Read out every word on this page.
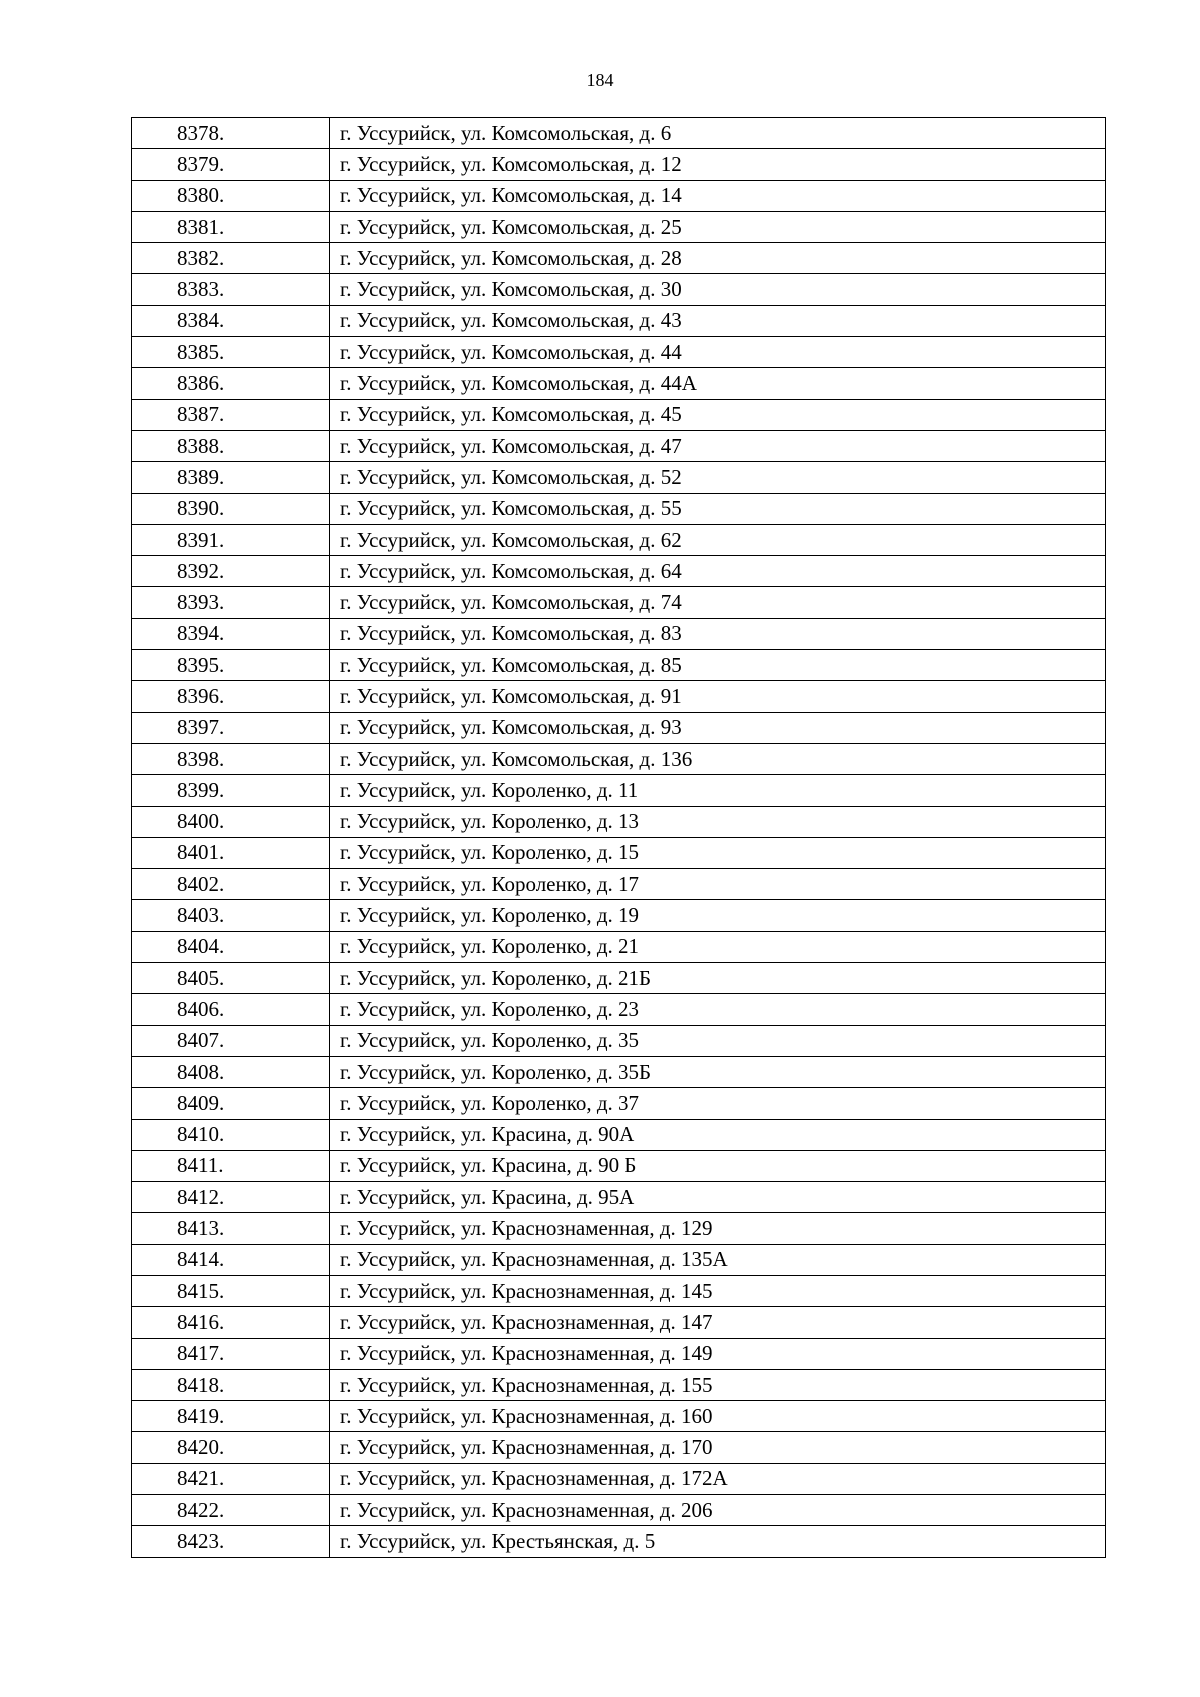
184
8378.	г. Уссурийск, ул. Комсомольская, д. 6
8379.	г. Уссурийск, ул. Комсомольская, д. 12
8380.	г. Уссурийск, ул. Комсомольская, д. 14
8381.	г. Уссурийск, ул. Комсомольская, д. 25
8382.	г. Уссурийск, ул. Комсомольская, д. 28
8383.	г. Уссурийск, ул. Комсомольская, д. 30
8384.	г. Уссурийск, ул. Комсомольская, д. 43
8385.	г. Уссурийск, ул. Комсомольская, д. 44
8386.	г. Уссурийск, ул. Комсомольская, д. 44А
8387.	г. Уссурийск, ул. Комсомольская, д. 45
8388.	г. Уссурийск, ул. Комсомольская, д. 47
8389.	г. Уссурийск, ул. Комсомольская, д. 52
8390.	г. Уссурийск, ул. Комсомольская, д. 55
8391.	г. Уссурийск, ул. Комсомольская, д. 62
8392.	г. Уссурийск, ул. Комсомольская, д. 64
8393.	г. Уссурийск, ул. Комсомольская, д. 74
8394.	г. Уссурийск, ул. Комсомольская, д. 83
8395.	г. Уссурийск, ул. Комсомольская, д. 85
8396.	г. Уссурийск, ул. Комсомольская, д. 91
8397.	г. Уссурийск, ул. Комсомольская, д. 93
8398.	г. Уссурийск, ул. Комсомольская, д. 136
8399.	г. Уссурийск, ул. Короленко, д. 11
8400.	г. Уссурийск, ул. Короленко, д. 13
8401.	г. Уссурийск, ул. Короленко, д. 15
8402.	г. Уссурийск, ул. Короленко, д. 17
8403.	г. Уссурийск, ул. Короленко, д. 19
8404.	г. Уссурийск, ул. Короленко, д. 21
8405.	г. Уссурийск, ул. Короленко, д. 21Б
8406.	г. Уссурийск, ул. Короленко, д. 23
8407.	г. Уссурийск, ул. Короленко, д. 35
8408.	г. Уссурийск, ул. Короленко, д. 35Б
8409.	г. Уссурийск, ул. Короленко, д. 37
8410.	г. Уссурийск, ул. Красина, д. 90А
8411.	г. Уссурийск, ул. Красина, д. 90 Б
8412.	г. Уссурийск, ул. Красина, д. 95А
8413.	г. Уссурийск, ул. Краснознаменная, д. 129
8414.	г. Уссурийск, ул. Краснознаменная, д. 135А
8415.	г. Уссурийск, ул. Краснознаменная, д. 145
8416.	г. Уссурийск, ул. Краснознаменная, д. 147
8417.	г. Уссурийск, ул. Краснознаменная, д. 149
8418.	г. Уссурийск, ул. Краснознаменная, д. 155
8419.	г. Уссурийск, ул. Краснознаменная, д. 160
8420.	г. Уссурийск, ул. Краснознаменная, д. 170
8421.	г. Уссурийск, ул. Краснознаменная, д. 172А
8422.	г. Уссурийск, ул. Краснознаменная, д. 206
8423.	г. Уссурийск, ул. Крестьянская, д. 5
